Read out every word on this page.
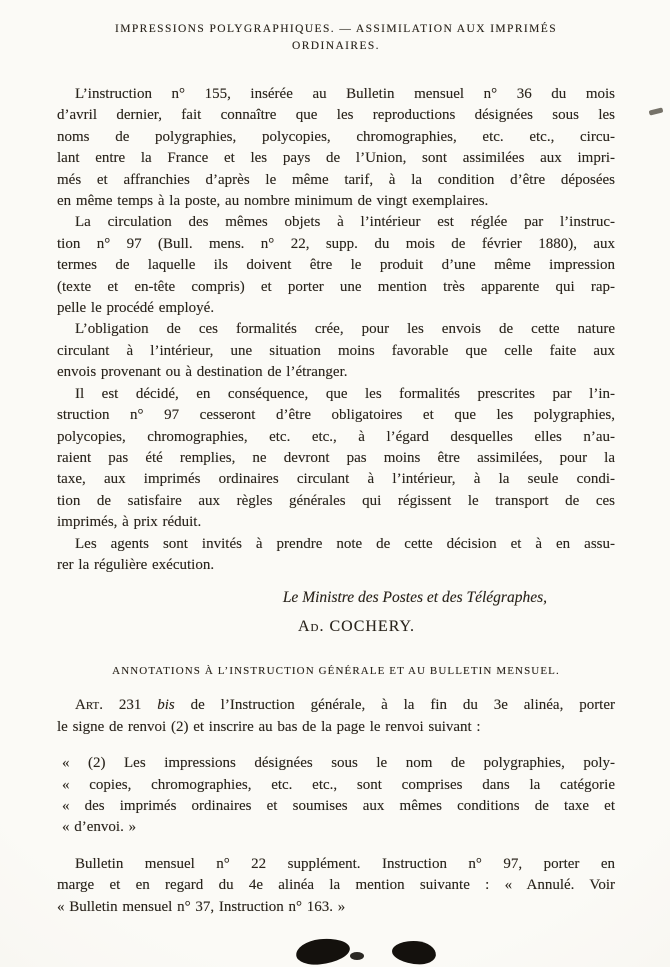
IMPRESSIONS POLYGRAPHIQUES. — ASSIMILATION AUX IMPRIMÉS
ORDINAIRES.
L’instruction n° 155, insérée au Bulletin mensuel n° 36 du mois
d’avril dernier, fait connaître que les reproductions désignées sous les
noms de polygraphies, polycopies, chromographies, etc. etc., circu-
lant entre la France et les pays de l’Union, sont assimilées aux impri-
més et affranchies d’après le même tarif, à la condition d’être déposées
en même temps à la poste, au nombre minimum de vingt exemplaires.
La circulation des mêmes objets à l’intérieur est réglée par l’instruc-
tion n° 97 (Bull. mens. n° 22, supp. du mois de février 1880), aux
termes de laquelle ils doivent être le produit d’une même impression
(texte et en-tête compris) et porter une mention très apparente qui rap-
pelle le procédé employé.
L’obligation de ces formalités crée, pour les envois de cette nature
circulant à l’intérieur, une situation moins favorable que celle faite aux
envois provenant ou à destination de l’étranger.
Il est décidé, en conséquence, que les formalités prescrites par l’in-
struction n° 97 cesseront d’être obligatoires et que les polygraphies,
polycopies, chromographies, etc. etc., à l’égard desquelles elles n’au-
raient pas été remplies, ne devront pas moins être assimilées, pour la
taxe, aux imprimés ordinaires circulant à l’intérieur, à la seule condi-
tion de satisfaire aux règles générales qui régissent le transport de ces
imprimés, à prix réduit.
Les agents sont invités à prendre note de cette décision et à en assu-
rer la régulière exécution.
Le Ministre des Postes et des Télégraphes,
Ad. COCHERY.
ANNOTATIONS À L’INSTRUCTION GÉNÉRALE ET AU BULLETIN MENSUEL.
Art. 231 bis de l’Instruction générale, à la fin du 3e alinéa, porter
le signe de renvoi (2) et inscrire au bas de la page le renvoi suivant :
« (2) Les impressions désignées sous le nom de polygraphies, poly-
« copies, chromographies, etc. etc., sont comprises dans la catégorie
« des imprimés ordinaires et soumises aux mêmes conditions de taxe et
« d’envoi. »
Bulletin mensuel n° 22 supplément. Instruction n° 97, porter en
marge et en regard du 4e alinéa la mention suivante : « Annulé. Voir
« Bulletin mensuel n° 37, Instruction n° 163. »
